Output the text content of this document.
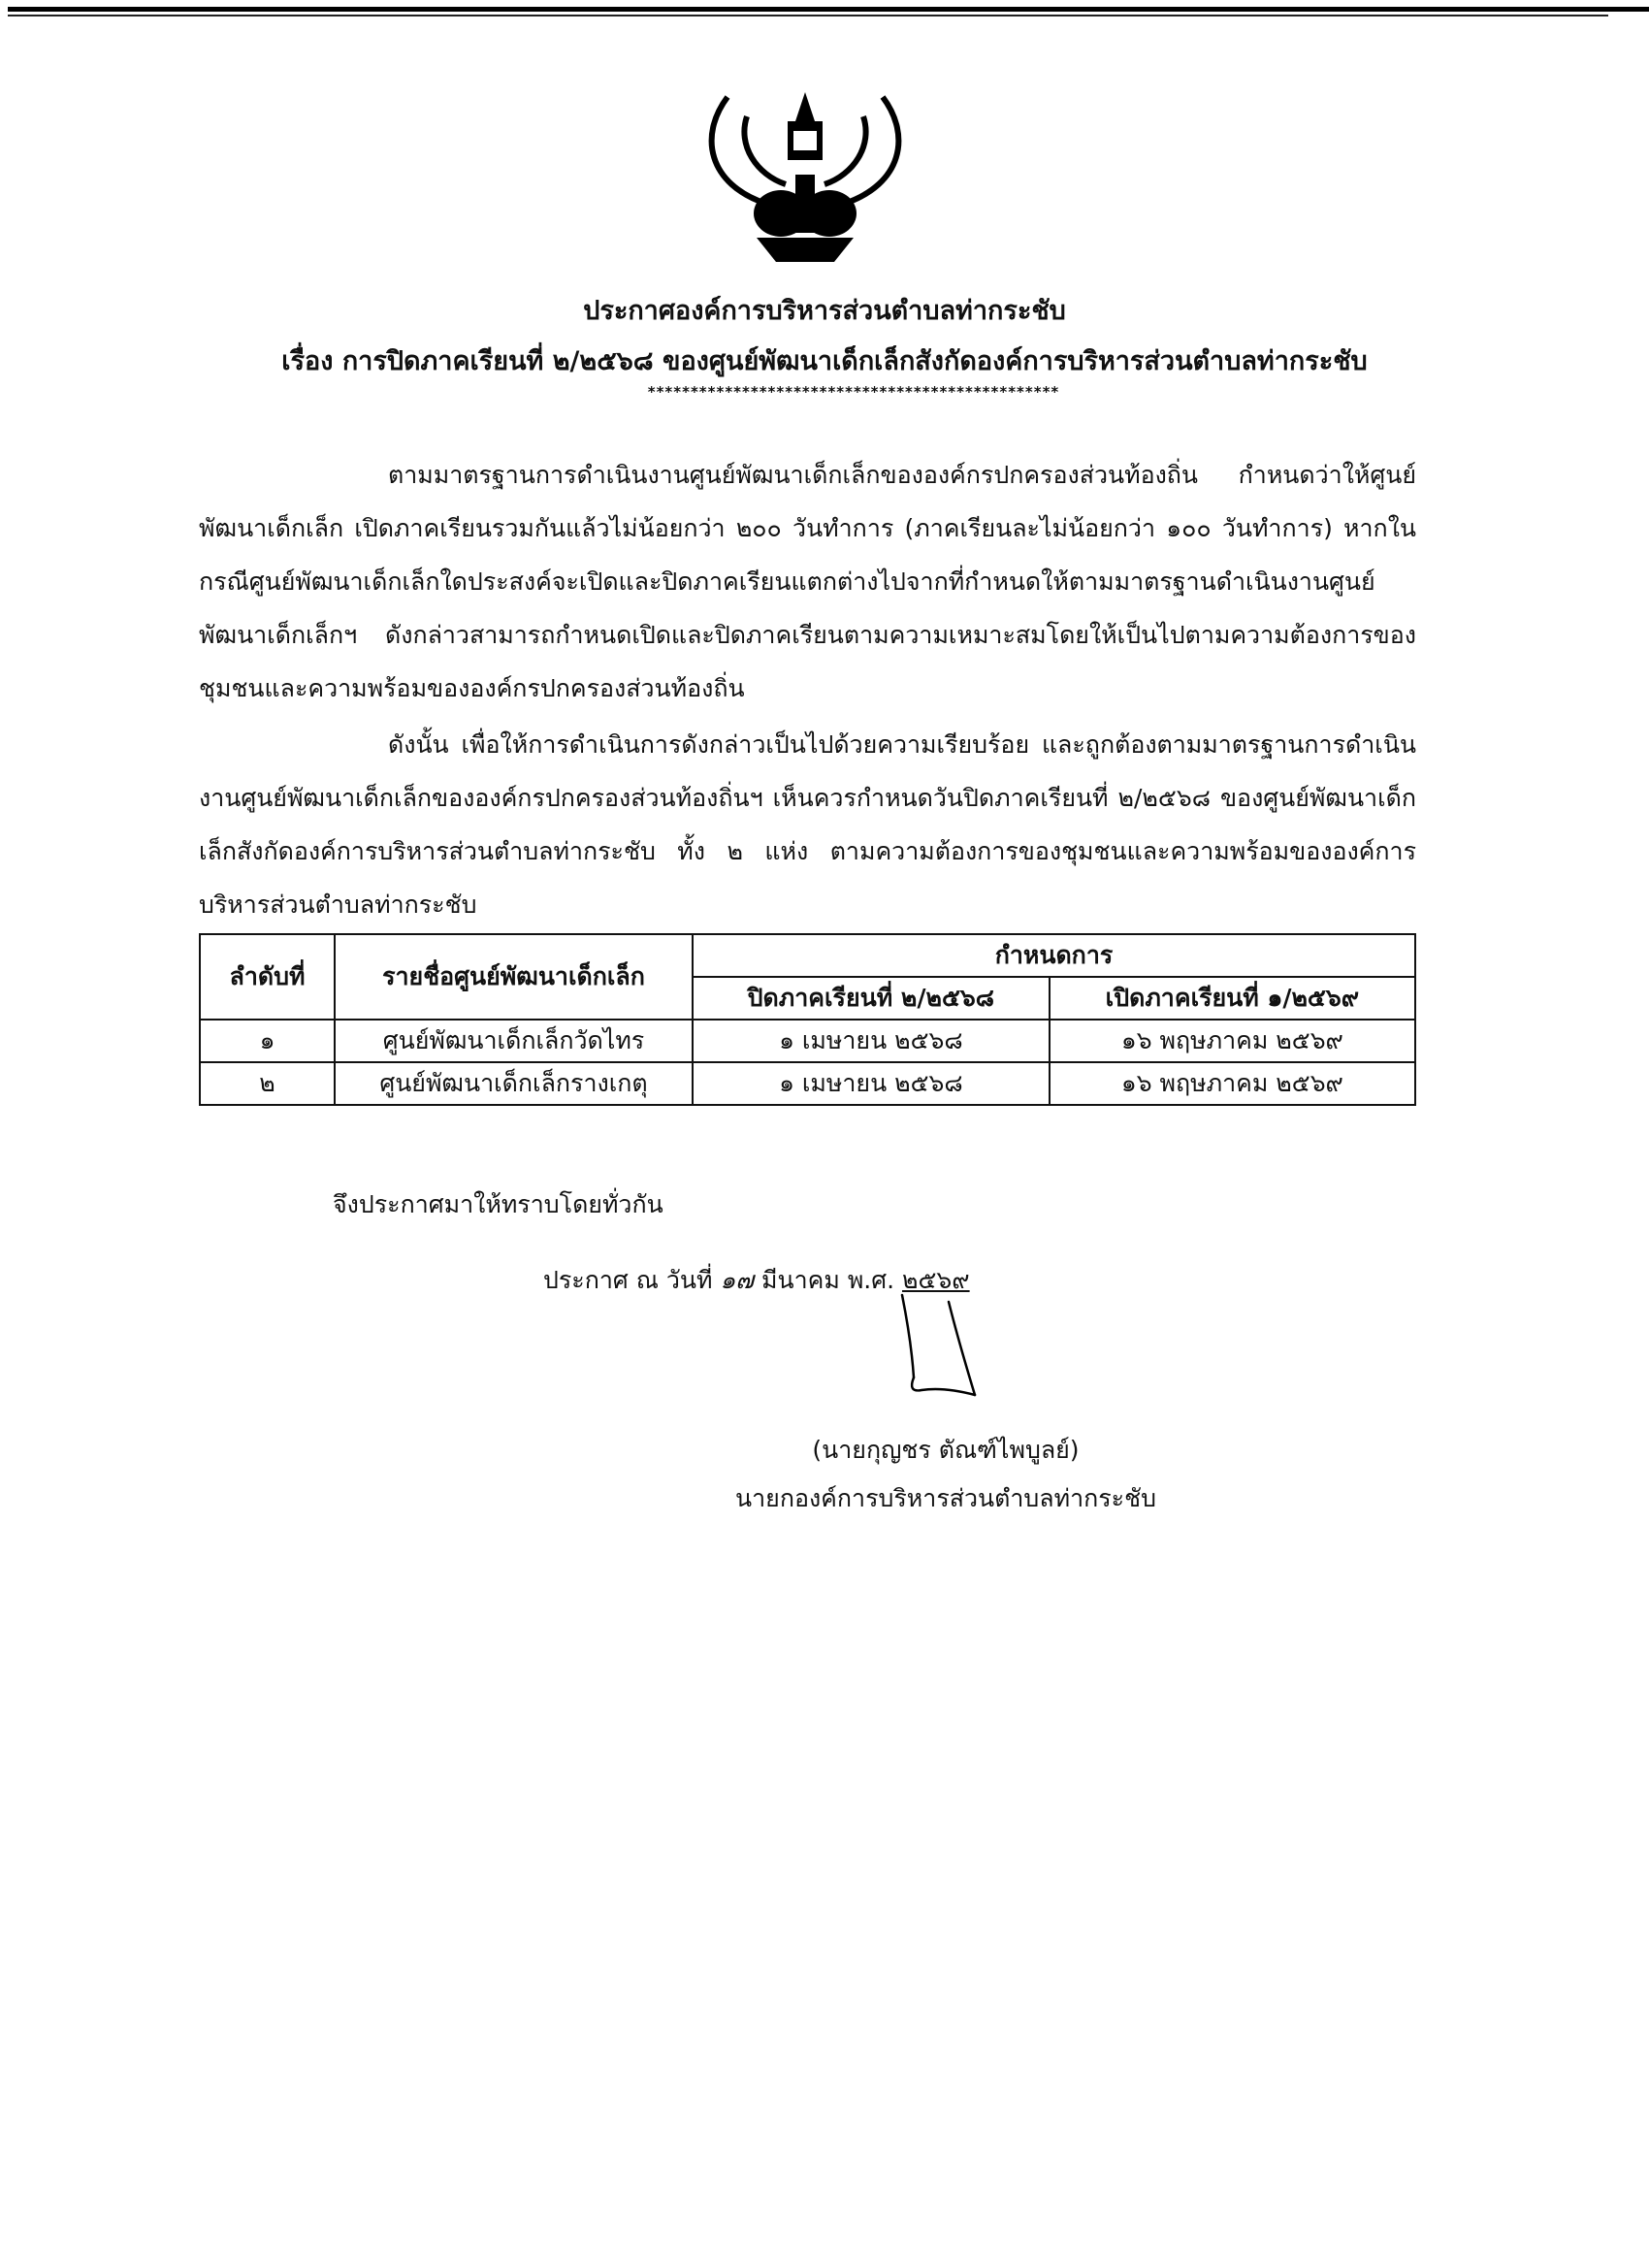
ประกาศองค์การบริหารส่วนตำบลท่ากระชับ
เรื่อง การปิดภาคเรียนที่ ๒/๒๕๖๘ ของศูนย์พัฒนาเด็กเล็กสังกัดองค์การบริหารส่วนตำบลท่ากระชับ
************************************************
ตามมาตรฐานการดำเนินงานศูนย์พัฒนาเด็กเล็กขององค์กรปกครองส่วนท้องถิ่น กำหนดว่าให้ศูนย์พัฒนาเด็กเล็ก เปิดภาคเรียนรวมกันแล้วไม่น้อยกว่า ๒๐๐ วันทำการ (ภาคเรียนละไม่น้อยกว่า ๑๐๐ วันทำการ) หากในกรณีศูนย์พัฒนาเด็กเล็กใดประสงค์จะเปิดและปิดภาคเรียนแตกต่างไปจากที่กำหนดให้ตามมาตรฐานดำเนินงานศูนย์พัฒนาเด็กเล็กฯ ดังกล่าวสามารถกำหนดเปิดและปิดภาคเรียนตามความเหมาะสมโดยให้เป็นไปตามความต้องการของชุมชนและความพร้อมขององค์กรปกครองส่วนท้องถิ่น
ดังนั้น เพื่อให้การดำเนินการดังกล่าวเป็นไปด้วยความเรียบร้อย และถูกต้องตามมาตรฐานการดำเนินงานศูนย์พัฒนาเด็กเล็กขององค์กรปกครองส่วนท้องถิ่นฯ เห็นควรกำหนดวันปิดภาคเรียนที่ ๒/๒๕๖๘ ของศูนย์พัฒนาเด็กเล็กสังกัดองค์การบริหารส่วนตำบลท่ากระชับ ทั้ง ๒ แห่ง ตามความต้องการของชุมชนและความพร้อมขององค์การบริหารส่วนตำบลท่ากระชับ
ลำดับที่	รายชื่อศูนย์พัฒนาเด็กเล็ก	กำหนดการ	
		ปิดภาคเรียนที่ ๒/๒๕๖๘	เปิดภาคเรียนที่ ๑/๒๕๖๙
๑	ศูนย์พัฒนาเด็กเล็กวัดไทร	๑ เมษายน ๒๕๖๘	๑๖ พฤษภาคม ๒๕๖๙
๒	ศูนย์พัฒนาเด็กเล็กรางเกตุ	๑ เมษายน ๒๕๖๘	๑๖ พฤษภาคม ๒๕๖๙
จึงประกาศมาให้ทราบโดยทั่วกัน
ประกาศ ณ วันที่ ๑๗ มีนาคม พ.ศ. ๒๕๖๙
(นายกุญชร ตัณฑ์ไพบูลย์)
นายกองค์การบริหารส่วนตำบลท่ากระชับ
